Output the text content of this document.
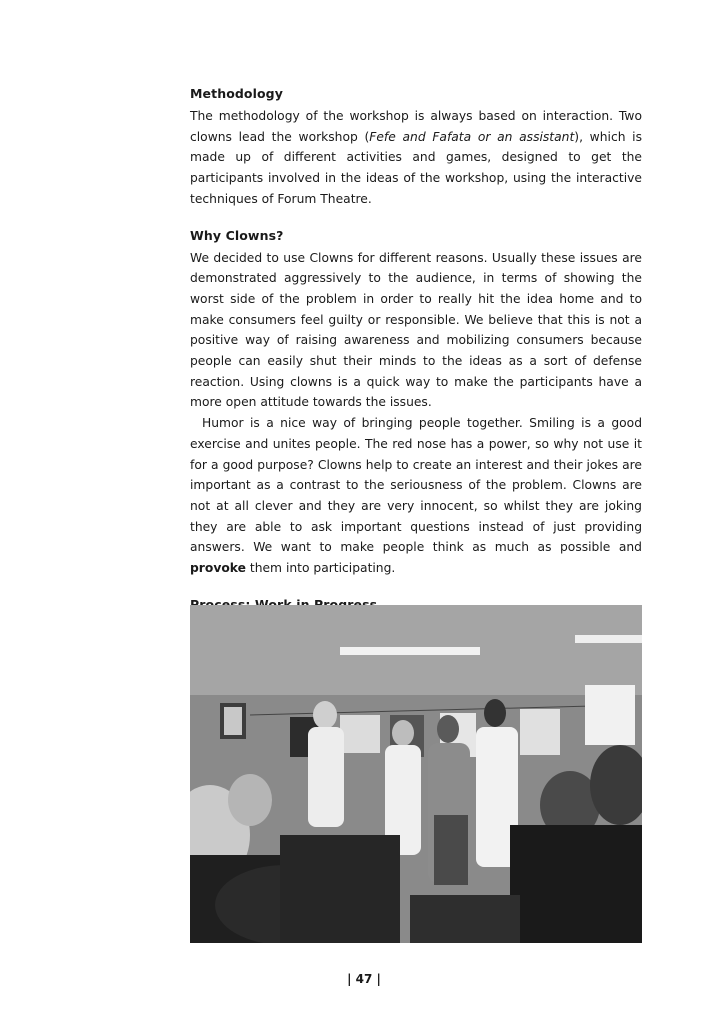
Methodology

The methodology of the workshop is always based on interaction. Two clowns lead the workshop (Fefe and Fafata or an assistant), which is made up of different activities and games, designed to get the participants involved in the ideas of the workshop, using the interactive techniques of Forum Theatre.

Why Clowns?

We decided to use Clowns for different reasons. Usually these issues are demonstrated aggressively to the audience, in terms of showing the worst side of the problem in order to really hit the idea home and to make consumers feel guilty or responsible. We believe that this is not a positive way of raising awareness and mobilizing consumers because people can easily shut their minds to the ideas as a sort of defense reaction. Using clowns is a quick way to make the participants have a more open attitude towards the issues.

Humor is a nice way of bringing people together. Smiling is a good exercise and unites people. The red nose has a power, so why not use it for a good purpose? Clowns help to create an interest and their jokes are important as a contrast to the seriousness of the problem. Clowns are not at all clever and they are very innocent, so whilst they are joking they are able to ask important questions instead of just providing answers. We want to make people think as much as possible and provoke them into participating.

| 47 |
